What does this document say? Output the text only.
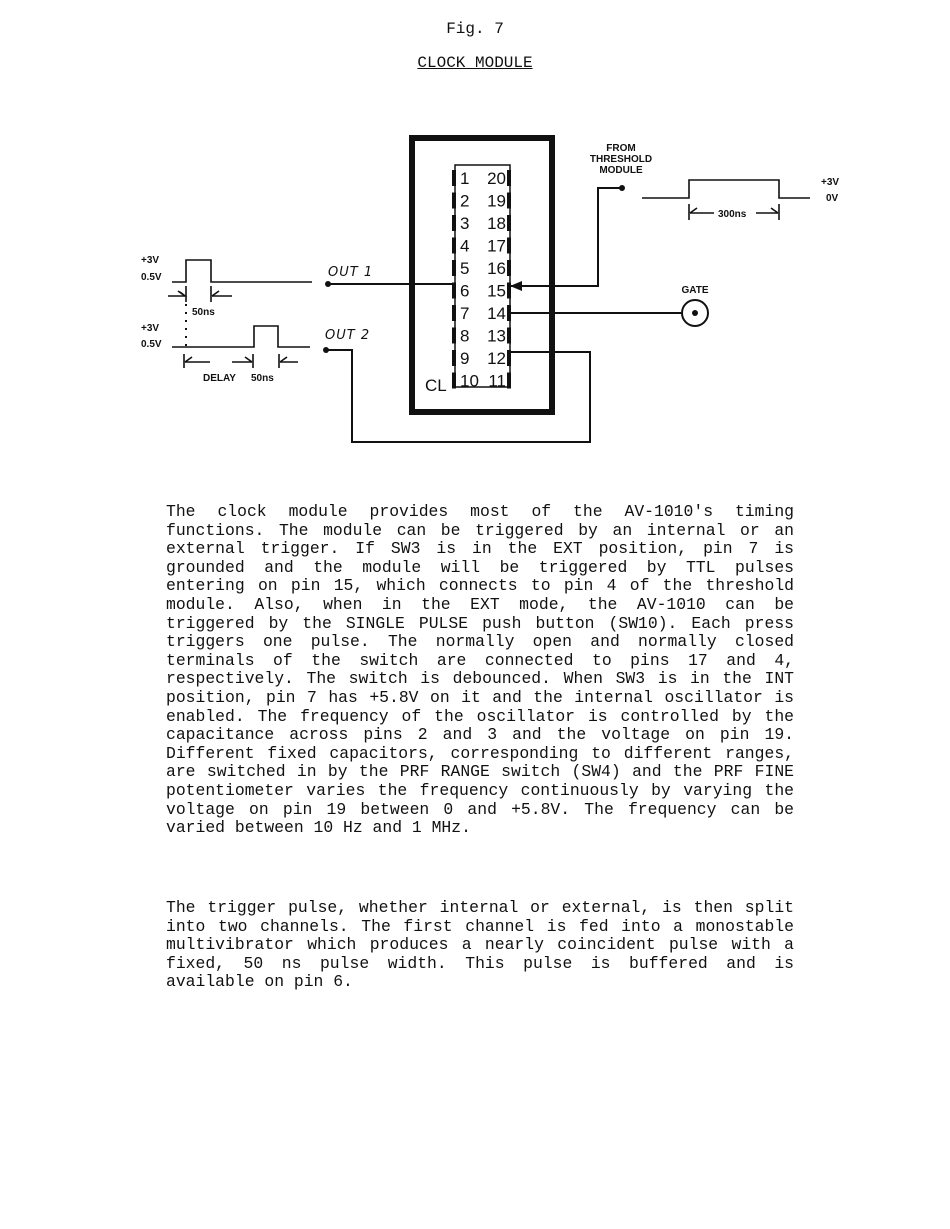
Fig. 7
CLOCK MODULE
1
2
3
4
5
6
7
8
9
10
20
19
18
17
16
15
14
13
12
11
CL
OUT 1
OUT 2
FROM
THRESHOLD
MODULE
GATE
+3V
0.5V
50ns
+3V
0.5V
DELAY 50ns
+3V
0V
300ns

The clock module provides most of the AV-1010's timing functions. The module can be triggered by an internal or an external trigger. If SW3 is in the EXT position, pin 7 is grounded and the module will be triggered by TTL pulses entering on pin 15, which connects to pin 4 of the threshold module. Also, when in the EXT mode, the AV-1010 can be triggered by the SINGLE PULSE push button (SW10). Each press triggers one pulse. The normally open and normally closed terminals of the switch are connected to pins 17 and 4, respectively. The switch is debounced. When SW3 is in the INT position, pin 7 has +5.8V on it and the internal oscillator is enabled. The frequency of the oscillator is controlled by the capacitance across pins 2 and 3 and the voltage on pin 19. Different fixed capacitors, corresponding to different ranges, are switched in by the PRF RANGE switch (SW4) and the PRF FINE potentiometer varies the frequency continuously by varying the voltage on pin 19 between 0 and +5.8V. The frequency can be varied between 10 Hz and 1 MHz.

The trigger pulse, whether internal or external, is then split into two channels. The first channel is fed into a monostable multivibrator which produces a nearly coincident pulse with a fixed, 50 ns pulse width. This pulse is buffered and is available on pin 6.
